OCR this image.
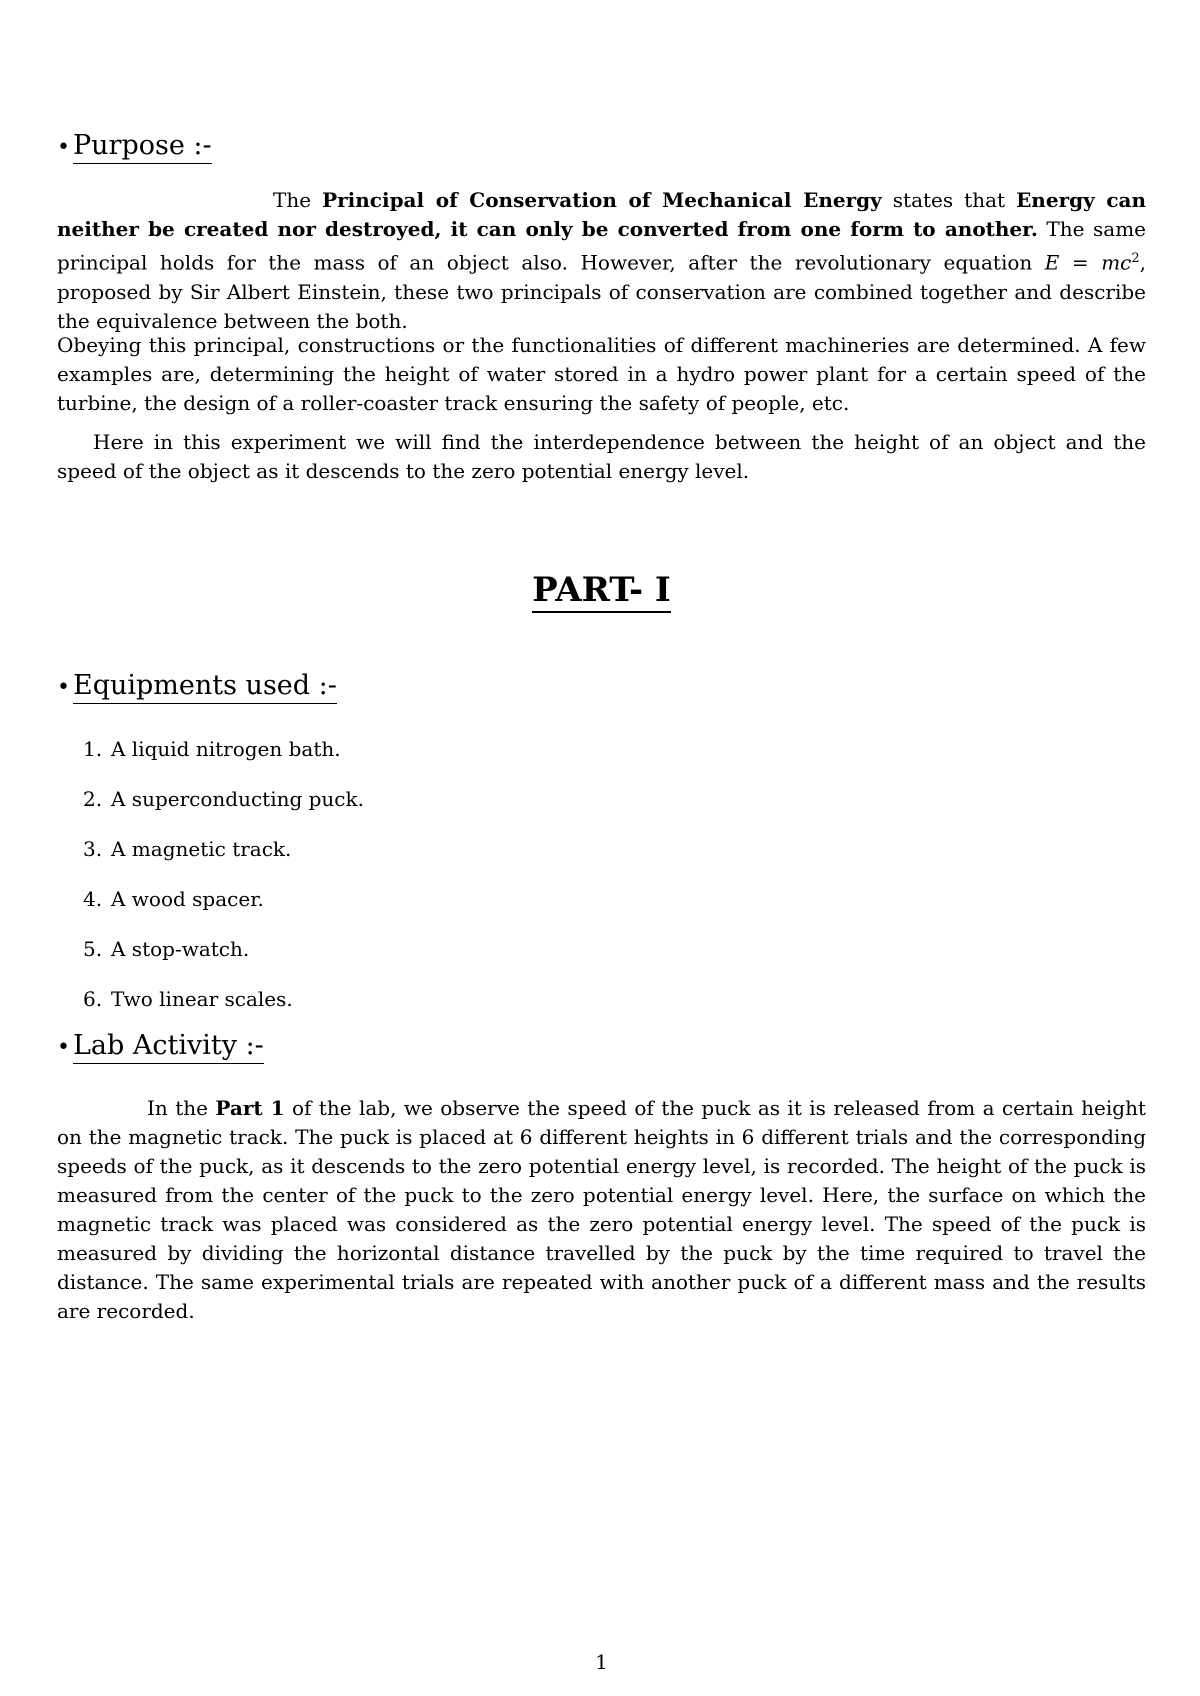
• Purpose :-

The Principal of Conservation of Mechanical Energy states that Energy can neither be created nor destroyed, it can only be converted from one form to another. The same principal holds for the mass of an object also. However, after the revolutionary equation $E = mc^2$, proposed by Sir Albert Einstein, these two principals of conservation are combined together and describe the equivalence between the both.

Obeying this principal, constructions or the functionalities of different machineries are determined. A few examples are, determining the height of water stored in a hydro power plant for a certain speed of the turbine, the design of a roller-coaster track ensuring the safety of people, etc.

Here in this experiment we will find the interdependence between the height of an object and the speed of the object as it descends to the zero potential energy level.

PART- I
• Equipments used :-
1. A liquid nitrogen bath.
2. A superconducting puck.
3. A magnetic track.
4. A wood spacer.
5. A stop-watch.
6. Two linear scales.
• Lab Activity :-

In the Part 1 of the lab, we observe the speed of the puck as it is released from a certain height on the magnetic track. The puck is placed at 6 different heights in 6 different trials and the corresponding speeds of the puck, as it descends to the zero potential energy level, is recorded. The height of the puck is measured from the center of the puck to the zero potential energy level. Here, the surface on which the magnetic track was placed was considered as the zero potential energy level. The speed of the puck is measured by dividing the horizontal distance travelled by the puck by the time required to travel the distance. The same experimental trials are repeated with another puck of a different mass and the results are recorded.

1
